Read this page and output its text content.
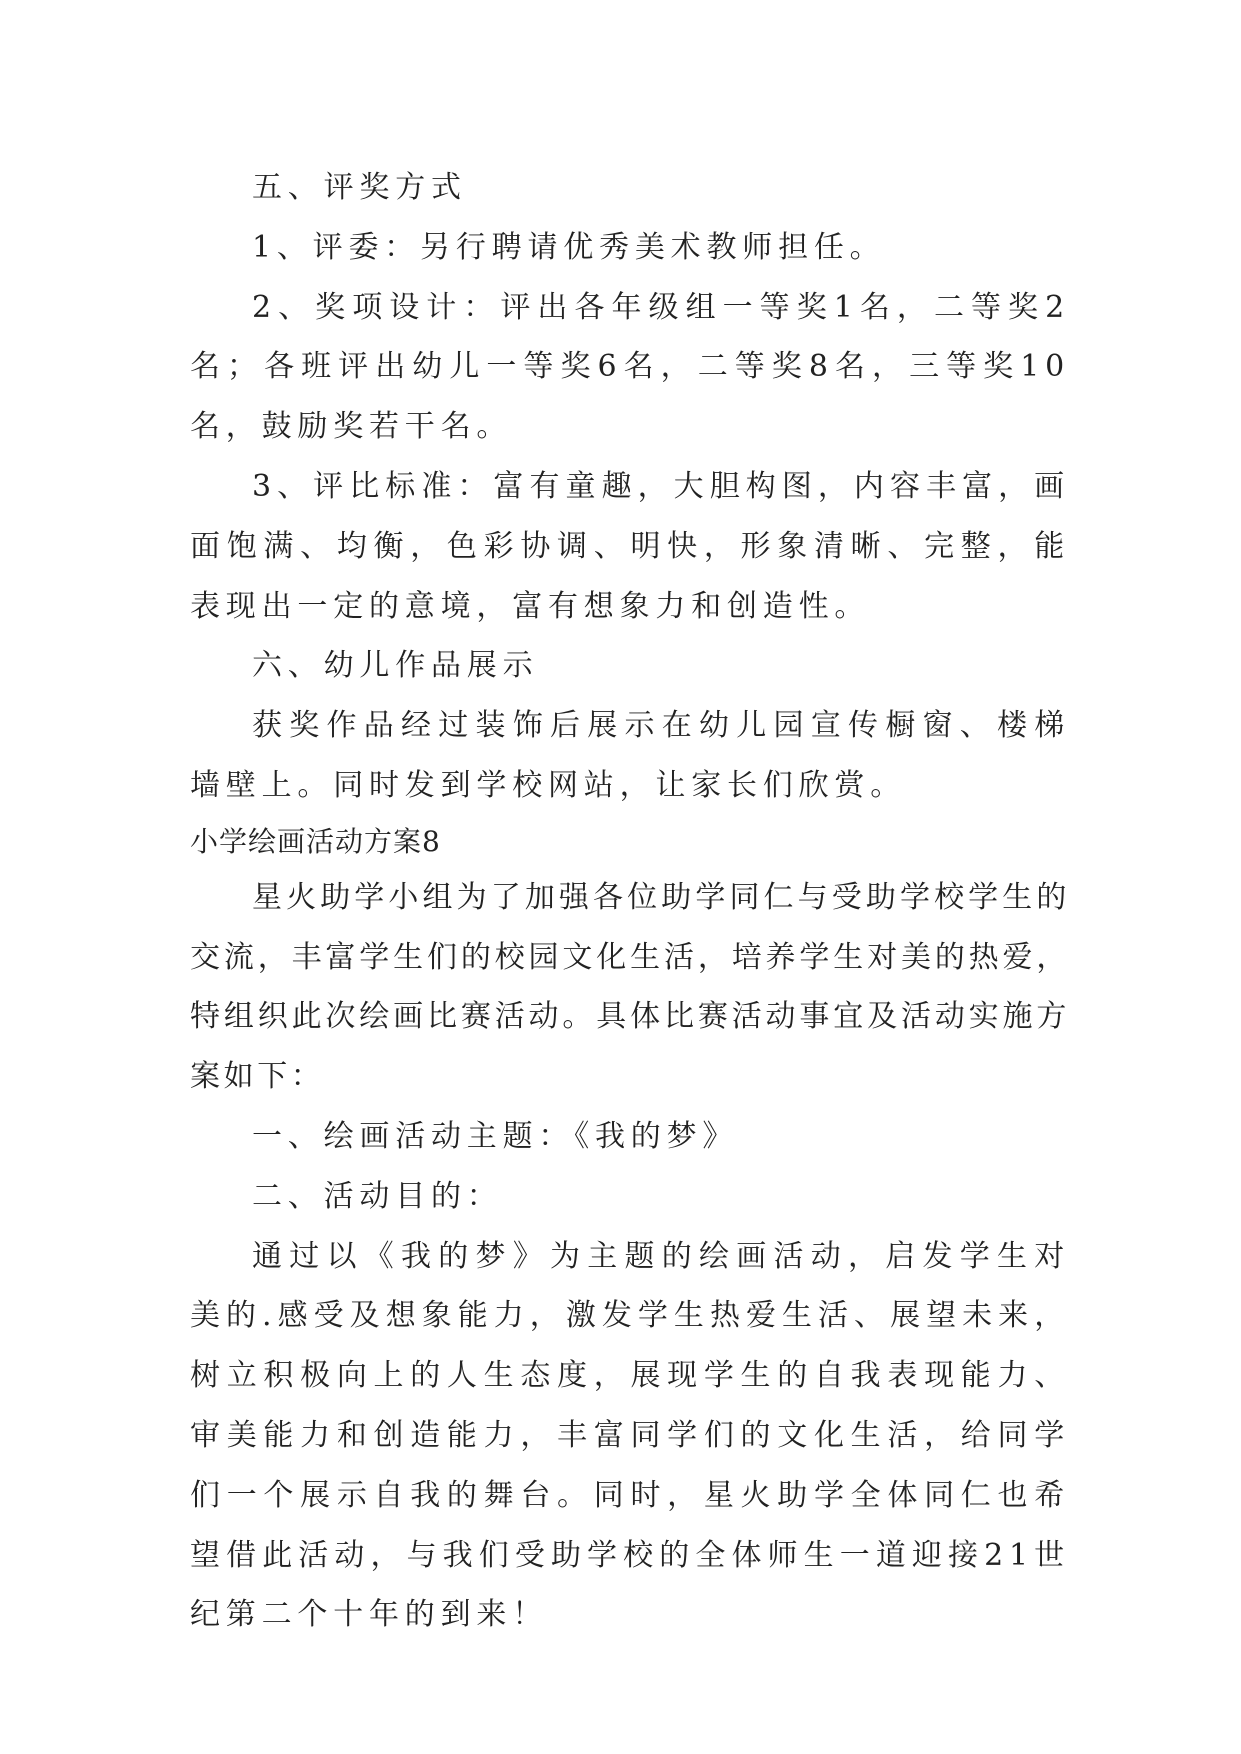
五、评奖方式

1、评委：另行聘请优秀美术教师担任。

2、奖项设计：评出各年级组一等奖1名，二等奖2名；各班评出幼儿一等奖6名，二等奖8名，三等奖10名，鼓励奖若干名。

3、评比标准：富有童趣，大胆构图，内容丰富，画面饱满、均衡，色彩协调、明快，形象清晰、完整，能表现出一定的意境，富有想象力和创造性。

六、幼儿作品展示

获奖作品经过装饰后展示在幼儿园宣传橱窗、楼梯墙壁上。同时发到学校网站，让家长们欣赏。

小学绘画活动方案8

星火助学小组为了加强各位助学同仁与受助学校学生的交流，丰富学生们的校园文化生活，培养学生对美的热爱，特组织此次绘画比赛活动。具体比赛活动事宜及活动实施方案如下：

一、绘画活动主题：《我的梦》

二、活动目的：

通过以《我的梦》为主题的绘画活动，启发学生对美的.感受及想象能力，激发学生热爱生活、展望未来，树立积极向上的人生态度，展现学生的自我表现能力、审美能力和创造能力，丰富同学们的文化生活，给同学们一个展示自我的舞台。同时，星火助学全体同仁也希望借此活动，与我们受助学校的全体师生一道迎接21世纪第二个十年的到来！
